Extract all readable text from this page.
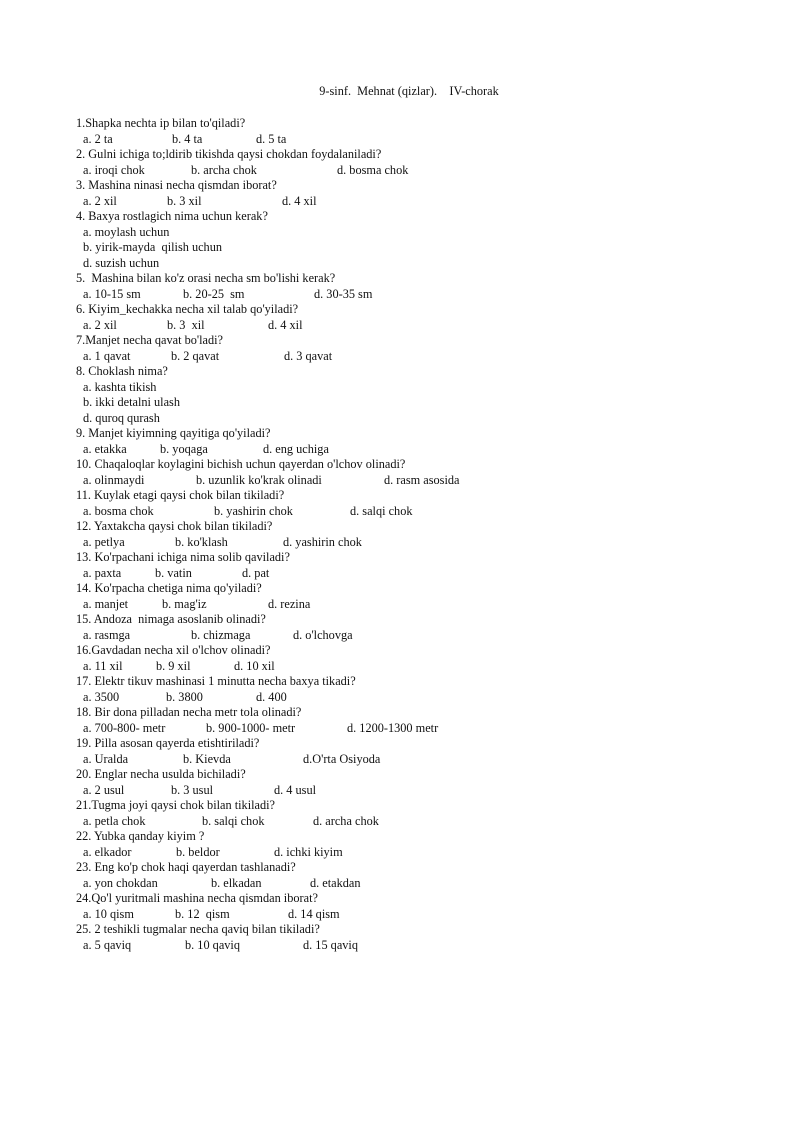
9-sinf.  Mehnat (qizlar).    IV-chorak
1.Shapka nechta ip bilan to'qiladi?
a. 2 ta	b. 4 ta	d. 5 ta
2. Gulni ichiga to;ldirib tikishda qaysi chokdan foydalaniladi?
a. iroqi chok	b. archa chok	d. bosma chok
3. Mashina ninasi necha qismdan iborat?
a. 2 xil	b. 3 xil	d. 4 xil
4. Baxya rostlagich nima uchun kerak?
a. moylash uchun
b. yirik-mayda  qilish uchun
d. suzish uchun
5.  Mashina bilan ko'z orasi necha sm bo'lishi kerak?
a. 10-15 sm	b. 20-25  sm	d. 30-35 sm
6. Kiyim_kechakka necha xil talab qo'yiladi?
a. 2 xil	b. 3  xil	d. 4 xil
7.Manjet necha qavat bo'ladi?
a. 1 qavat	b. 2 qavat	d. 3 qavat
8. Choklash nima?
a. kashta tikish
b. ikki detalni ulash
d. quroq qurash
9. Manjet kiyimning qayitiga qo'yiladi?
a. etakka	b. yoqaga	d. eng uchiga
10. Chaqaloqlar koylagini bichish uchun qayerdan o'lchov olinadi?
a. olinmaydi	b. uzunlik ko'krak olinadi	d. rasm asosida
11. Kuylak etagi qaysi chok bilan tikiladi?
a. bosma chok	b. yashirin chok	d. salqi chok
12. Yaxtakcha qaysi chok bilan tikiladi?
a. petlya	b. ko'klash	d. yashirin chok
13. Ko'rpachani ichiga nima solib qaviladi?
a. paxta	b. vatin	d. pat
14. Ko'rpacha chetiga nima qo'yiladi?
a. manjet	b. mag'iz	d. rezina
15. Andoza  nimaga asoslanib olinadi?
a. rasmga	b. chizmaga	d. o'lchovga
16.Gavdadan necha xil o'lchov olinadi?
a. 11 xil	b. 9 xil	d. 10 xil
17. Elektr tikuv mashinasi 1 minutta necha baxya tikadi?
a. 3500	b. 3800	d. 400
18. Bir dona pilladan necha metr tola olinadi?
a. 700-800- metr	b. 900-1000- metr	d. 1200-1300 metr
19. Pilla asosan qayerda etishtiriladi?
a. Uralda	b. Kievda	d.O'rta Osiyoda
20. Englar necha usulda bichiladi?
a. 2 usul	b. 3 usul	d. 4 usul
21.Tugma joyi qaysi chok bilan tikiladi?
a. petla chok	b. salqi chok	d. archa chok
22. Yubka qanday kiyim ?
a. elkador	b. beldor	d. ichki kiyim
23. Eng ko'p chok haqi qayerdan tashlanadi?
a. yon chokdan	b. elkadan	d. etakdan
24.Qo'l yuritmali mashina necha qismdan iborat?
a. 10 qism	b. 12  qism	d. 14 qism
25. 2 teshikli tugmalar necha qaviq bilan tikiladi?
a. 5 qaviq	b. 10 qaviq	d. 15 qaviq
